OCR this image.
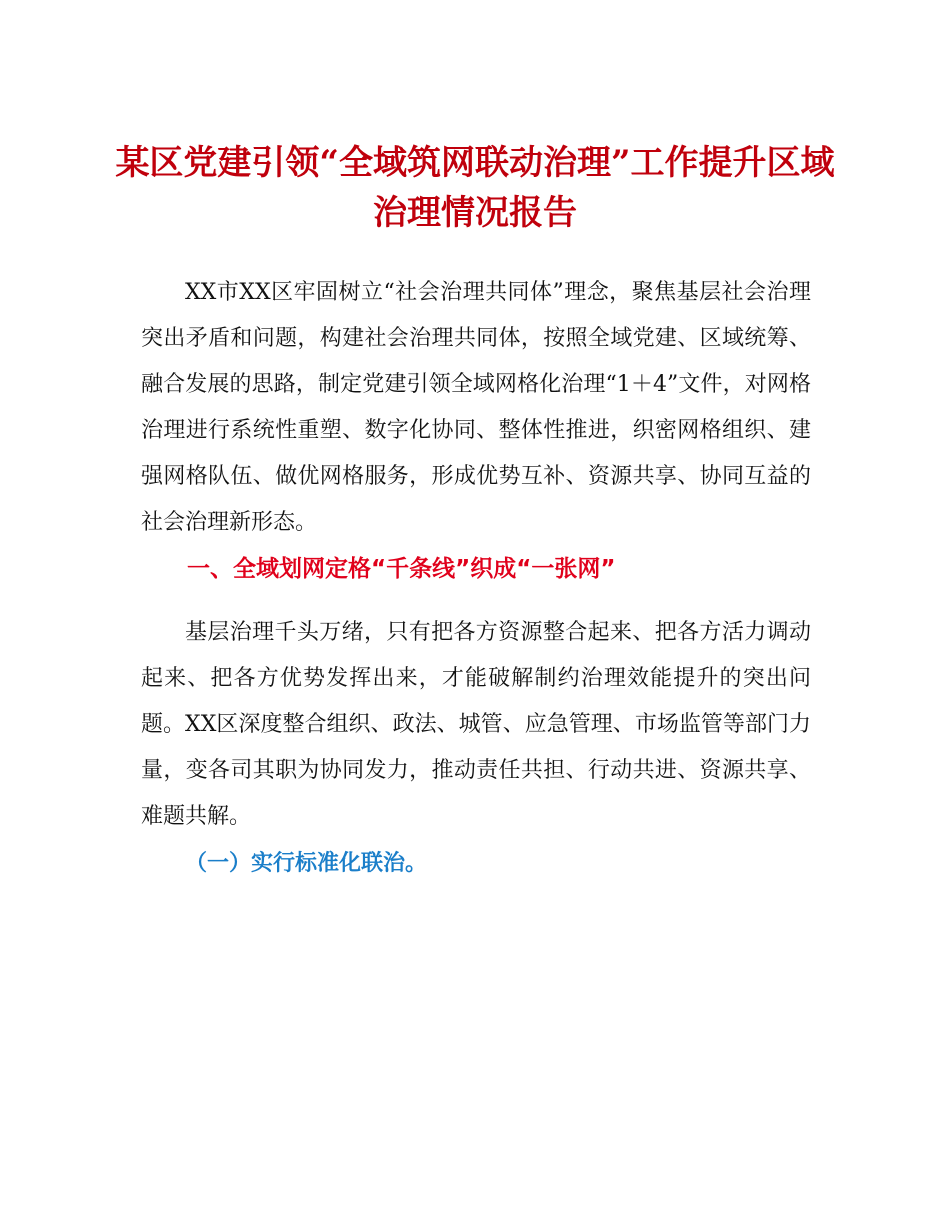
某区党建引领“全域筑网联动治理”工作提升区域治理情况报告

XX市XX区牢固树立“社会治理共同体”理念，聚焦基层社会治理突出矛盾和问题，构建社会治理共同体，按照全域党建、区域统筹、融合发展的思路，制定党建引领全域网格化治理“1＋4”文件，对网格治理进行系统性重塑、数字化协同、整体性推进，织密网格组织、建强网格队伍、做优网格服务，形成优势互补、资源共享、协同互益的社会治理新形态。

一、全域划网定格“千条线”织成“一张网”

基层治理千头万绪，只有把各方资源整合起来、把各方活力调动起来、把各方优势发挥出来，才能破解制约治理效能提升的突出问题。XX区深度整合组织、政法、城管、应急管理、市场监管等部门力量，变各司其职为协同发力，推动责任共担、行动共进、资源共享、难题共解。

（一）实行标准化联治。
